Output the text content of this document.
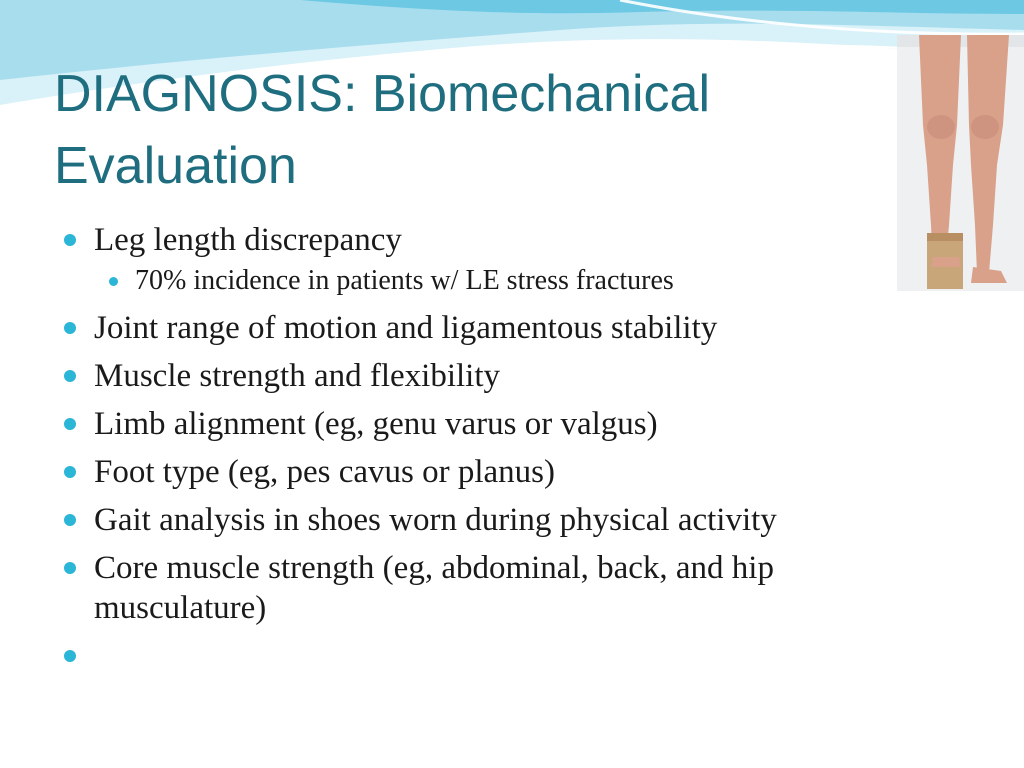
DIAGNOSIS: Biomechanical Evaluation
Leg length discrepancy
70% incidence in patients w/ LE stress fractures
Joint range of motion and ligamentous stability
Muscle strength and flexibility
Limb alignment (eg, genu varus or valgus)
Foot type (eg, pes cavus or planus)
Gait analysis in shoes worn during physical activity
Core muscle strength (eg, abdominal, back, and hip musculature)
